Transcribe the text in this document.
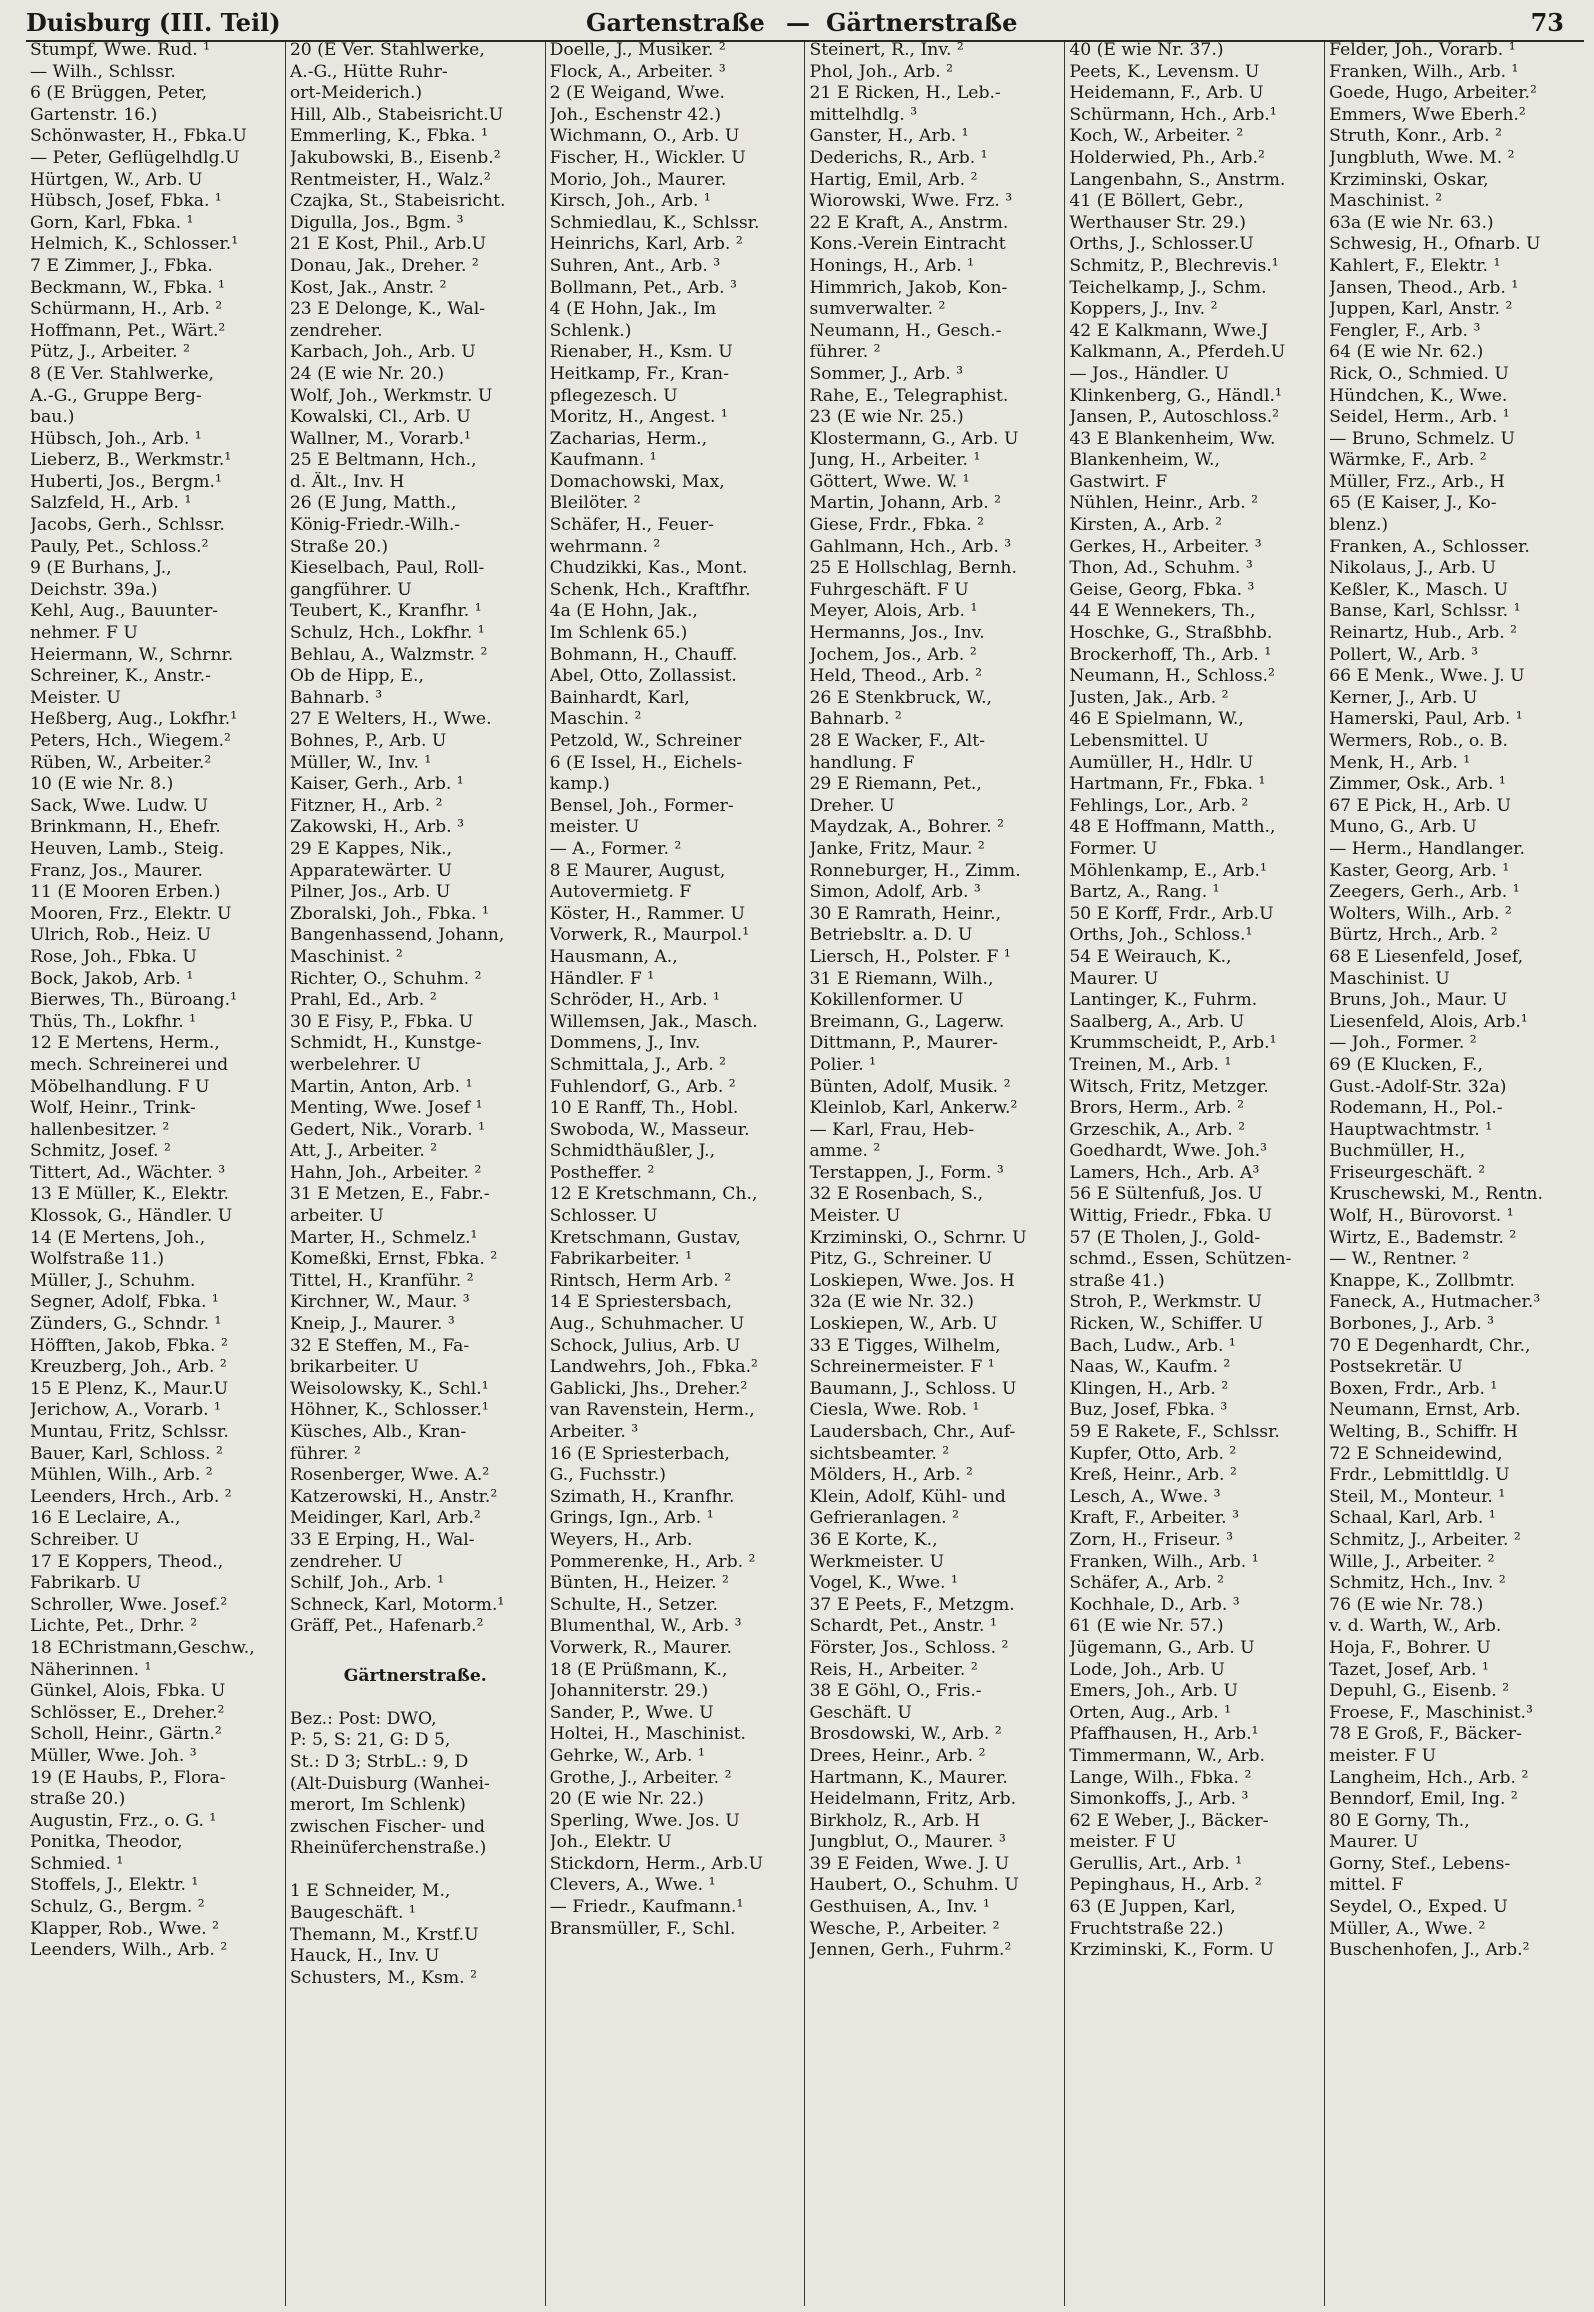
Duisburg (III. Teil)	Gartenstraße — Gärtnerstraße	73
Stumpf, Wwe. Rud. ¹
— Wilh., Schlssr.
6 (E Brüggen, Peter,
Gartenstr. 16.)
Schönwaster, H., Fbka.U
— Peter, Geflügelhdlg.U
Hürtgen, W., Arb. U
Hübsch, Josef, Fbka. ¹
Gorn, Karl, Fbka. ¹
Helmich, K., Schlosser.¹
7 E Zimmer, J., Fbka.
Beckmann, W., Fbka. ¹
Schürmann, H., Arb. ²
Hoffmann, Pet., Wärt.²
Pütz, J., Arbeiter. ²
8 (E Ver. Stahlwerke,
A.-G., Gruppe Berg-
bau.)
Hübsch, Joh., Arb. ¹
Lieberz, B., Werkmstr.¹
Huberti, Jos., Bergm.¹
Salzfeld, H., Arb. ¹
Jacobs, Gerh., Schlssr.
Pauly, Pet., Schloss.²
9 (E Burhans, J.,
Deichstr. 39a.)
Kehl, Aug., Bauunter-
nehmer. F U
Heiermann, W., Schrnr.
Schreiner, K., Anstr.-
Meister. U
Heßberg, Aug., Lokfhr.¹
Peters, Hch., Wiegem.²
Rüben, W., Arbeiter.²
10 (E wie Nr. 8.)
Sack, Wwe. Ludw. U
Brinkmann, H., Ehefr.
Heuven, Lamb., Steig.
Franz, Jos., Maurer.
11 (E Mooren Erben.)
Mooren, Frz., Elektr. U
Ulrich, Rob., Heiz. U
Rose, Joh., Fbka. U
Bock, Jakob, Arb. ¹
Bierwes, Th., Büroang.¹
Thüs, Th., Lokfhr. ¹
12 E Mertens, Herm.,
mech. Schreinerei und
Möbelhandlung. F U
Wolf, Heinr., Trink-
hallenbesitzer. ²
Schmitz, Josef. ²
Tittert, Ad., Wächter. ³
13 E Müller, K., Elektr.
Klossok, G., Händler. U
14 (E Mertens, Joh.,
Wolfstraße 11.)
Müller, J., Schuhm.
Segner, Adolf, Fbka. ¹
Zünders, G., Schndr. ¹
Höfften, Jakob, Fbka. ²
Kreuzberg, Joh., Arb. ²
15 E Plenz, K., Maur.U
Jerichow, A., Vorarb. ¹
Muntau, Fritz, Schlssr.
Bauer, Karl, Schloss. ²
Mühlen, Wilh., Arb. ²
Leenders, Hrch., Arb. ²
16 E Leclaire, A.,
Schreiber. U
17 E Koppers, Theod.,
Fabrikarb. U
Schroller, Wwe. Josef.²
Lichte, Pet., Drhr. ²
18 EChristmann,Geschw.,
Näherinnen. ¹
Günkel, Alois, Fbka. U
Schlösser, E., Dreher.²
Scholl, Heinr., Gärtn.²
Müller, Wwe. Joh. ³
19 (E Haubs, P., Flora-
straße 20.)
Augustin, Frz., o. G. ¹
Ponitka, Theodor,
Schmied. ¹
Stoffels, J., Elektr. ¹
Schulz, G., Bergm. ²
Klapper, Rob., Wwe. ²
Leenders, Wilh., Arb. ²
20 (E Ver. Stahlwerke,
A.-G., Hütte Ruhr-
ort-Meiderich.)
Hill, Alb., Stabeisricht.U
Emmerling, K., Fbka. ¹
Jakubowski, B., Eisenb.²
Rentmeister, H., Walz.²
Czajka, St., Stabeisricht.
Digulla, Jos., Bgm. ³
21 E Kost, Phil., Arb.U
Donau, Jak., Dreher. ²
Kost, Jak., Anstr. ²
23 E Delonge, K., Wal-
zendreher.
Karbach, Joh., Arb. U
24 (E wie Nr. 20.)
Wolf, Joh., Werkmstr. U
Kowalski, Cl., Arb. U
Wallner, M., Vorarb.¹
25 E Beltmann, Hch.,
d. Ält., Inv. H
26 (E Jung, Matth.,
König-Friedr.-Wilh.-
Straße 20.)
Kieselbach, Paul, Roll-
gangführer. U
Teubert, K., Kranfhr. ¹
Schulz, Hch., Lokfhr. ¹
Behlau, A., Walzmstr. ²
Ob de Hipp, E.,
Bahnarb. ³
27 E Welters, H., Wwe.
Bohnes, P., Arb. U
Müller, W., Inv. ¹
Kaiser, Gerh., Arb. ¹
Fitzner, H., Arb. ²
Zakowski, H., Arb. ³
29 E Kappes, Nik.,
Apparatewärter. U
Pilner, Jos., Arb. U
Zboralski, Joh., Fbka. ¹
Bangenhassend, Johann,
Maschinist. ²
Richter, O., Schuhm. ²
Prahl, Ed., Arb. ²
30 E Fisy, P., Fbka. U
Schmidt, H., Kunstge-
werbelehrer. U
Martin, Anton, Arb. ¹
Menting, Wwe. Josef ¹
Gedert, Nik., Vorarb. ¹
Att, J., Arbeiter. ²
Hahn, Joh., Arbeiter. ²
31 E Metzen, E., Fabr.-
arbeiter. U
Marter, H., Schmelz.¹
Komeßki, Ernst, Fbka. ²
Tittel, H., Kranführ. ²
Kirchner, W., Maur. ³
Kneip, J., Maurer. ³
32 E Steffen, M., Fa-
brikarbeiter. U
Weisolowsky, K., Schl.¹
Höhner, K., Schlosser.¹
Küsches, Alb., Kran-
führer. ²
Rosenberger, Wwe. A.²
Katzerowski, H., Anstr.²
Meidinger, Karl, Arb.²
33 E Erping, H., Wal-
zendreher. U
Schilf, Joh., Arb. ¹
Schneck, Karl, Motorm.¹
Gräff, Pet., Hafenarb.²

Gärtnerstraße.

Bez.: Post: DWO,
P: 5, S: 21, G: D 5,
St.: D 3; StrbL.: 9, D
(Alt-Duisburg (Wanhei-
merort, Im Schlenk)
zwischen Fischer- und
Rheinüferchenstraße.)

1 E Schneider, M.,
Baugeschäft. ¹
Themann, M., Krstf.U
Hauck, H., Inv. U
Schusters, M., Ksm. ²
Doelle, J., Musiker. ²
Flock, A., Arbeiter. ³
2 (E Weigand, Wwe.
Joh., Eschenstr 42.)
Wichmann, O., Arb. U
Fischer, H., Wickler. U
Morio, Joh., Maurer.
Kirsch, Joh., Arb. ¹
Schmiedlau, K., Schlssr.
Heinrichs, Karl, Arb. ²
Suhren, Ant., Arb. ³
Bollmann, Pet., Arb. ³
4 (E Hohn, Jak., Im
Schlenk.)
Rienaber, H., Ksm. U
Heitkamp, Fr., Kran-
pflegezesch. U
Moritz, H., Angest. ¹
Zacharias, Herm.,
Kaufmann. ¹
Domachowski, Max,
Bleilöter. ²
Schäfer, H., Feuer-
wehrmann. ²
Chudzikki, Kas., Mont.
Schenk, Hch., Kraftfhr.
4a (E Hohn, Jak.,
Im Schlenk 65.)
Bohmann, H., Chauff.
Abel, Otto, Zollassist.
Bainhardt, Karl,
Maschin. ²
Petzold, W., Schreiner
6 (E Issel, H., Eichels-
kamp.)
Bensel, Joh., Former-
meister. U
— A., Former. ²
8 E Maurer, August,
Autovermietg. F
Köster, H., Rammer. U
Vorwerk, R., Maurpol.¹
Hausmann, A.,
Händler. F ¹
Schröder, H., Arb. ¹
Willemsen, Jak., Masch.
Dommens, J., Inv.
Schmittala, J., Arb. ²
Fuhlendorf, G., Arb. ²
10 E Ranff, Th., Hobl.
Swoboda, W., Masseur.
Schmidthäußler, J.,
Postheffer. ²
12 E Kretschmann, Ch.,
Schlosser. U
Kretschmann, Gustav,
Fabrikarbeiter. ¹
Rintsch, Herm Arb. ²
14 E Spriestersbach,
Aug., Schuhmacher. U
Schock, Julius, Arb. U
Landwehrs, Joh., Fbka.²
Gablicki, Jhs., Dreher.²
van Ravenstein, Herm.,
Arbeiter. ³
16 (E Spriesterbach,
G., Fuchsstr.)
Szimath, H., Kranfhr.
Grings, Ign., Arb. ¹
Weyers, H., Arb.
Pommerenke, H., Arb. ²
Bünten, H., Heizer. ²
Schulte, H., Setzer.
Blumenthal, W., Arb. ³
Vorwerk, R., Maurer.
18 (E Prüßmann, K.,
Johanniterstr. 29.)
Sander, P., Wwe. U
Holtei, H., Maschinist.
Gehrke, W., Arb. ¹
Grothe, J., Arbeiter. ²
20 (E wie Nr. 22.)
Sperling, Wwe. Jos. U
Joh., Elektr. U
Stickdorn, Herm., Arb.U
Clevers, A., Wwe. ¹
— Friedr., Kaufmann.¹
Bransmüller, F., Schl.
Steinert, R., Inv. ²
Phol, Joh., Arb. ²
21 E Ricken, H., Leb.-
mittelhdlg. ³
Ganster, H., Arb. ¹
Dederichs, R., Arb. ¹
Hartig, Emil, Arb. ²
Wiorowski, Wwe. Frz. ³
22 E Kraft, A., Anstrm.
Kons.-Verein Eintracht
Honings, H., Arb. ¹
Himmrich, Jakob, Kon-
sumverwalter. ²
Neumann, H., Gesch.-
führer. ²
Sommer, J., Arb. ³
Rahe, E., Telegraphist.
23 (E wie Nr. 25.)
Klostermann, G., Arb. U
Jung, H., Arbeiter. ¹
Göttert, Wwe. W. ¹
Martin, Johann, Arb. ²
Giese, Frdr., Fbka. ²
Gahlmann, Hch., Arb. ³
25 E Hollschlag, Bernh.
Fuhrgeschäft. F U
Meyer, Alois, Arb. ¹
Hermanns, Jos., Inv.
Jochem, Jos., Arb. ²
Held, Theod., Arb. ²
26 E Stenkbruck, W.,
Bahnarb. ²
28 E Wacker, F., Alt-
handlung. F
29 E Riemann, Pet.,
Dreher. U
Maydzak, A., Bohrer. ²
Janke, Fritz, Maur. ²
Ronneburger, H., Zimm.
Simon, Adolf, Arb. ³
30 E Ramrath, Heinr.,
Betriebsltr. a. D. U
Liersch, H., Polster. F ¹
31 E Riemann, Wilh.,
Kokillenformer. U
Breimann, G., Lagerw.
Dittmann, P., Maurer-
Polier. ¹
Bünten, Adolf, Musik. ²
Kleinlob, Karl, Ankerw.²
— Karl, Frau, Heb-
amme. ²
Terstappen, J., Form. ³
32 E Rosenbach, S.,
Meister. U
Krziminski, O., Schrnr. U
Pitz, G., Schreiner. U
Loskiepen, Wwe. Jos. H
32a (E wie Nr. 32.)
Loskiepen, W., Arb. U
33 E Tigges, Wilhelm,
Schreinermeister. F ¹
Baumann, J., Schloss. U
Ciesla, Wwe. Rob. ¹
Laudersbach, Chr., Auf-
sichtsbeamter. ²
Mölders, H., Arb. ²
Klein, Adolf, Kühl- und
Gefrieranlagen. ²
36 E Korte, K.,
Werkmeister. U
Vogel, K., Wwe. ¹
37 E Peets, F., Metzgm.
Schardt, Pet., Anstr. ¹
Förster, Jos., Schloss. ²
Reis, H., Arbeiter. ²
38 E Göhl, O., Fris.-
Geschäft. U
Brosdowski, W., Arb. ²
Drees, Heinr., Arb. ²
Hartmann, K., Maurer.
Heidelmann, Fritz, Arb.
Birkholz, R., Arb. H
Jungblut, O., Maurer. ³
39 E Feiden, Wwe. J. U
Haubert, O., Schuhm. U
Gesthuisen, A., Inv. ¹
Wesche, P., Arbeiter. ²
Jennen, Gerh., Fuhrm.²
40 (E wie Nr. 37.)
Peets, K., Levensm. U
Heidemann, F., Arb. U
Schürmann, Hch., Arb.¹
Koch, W., Arbeiter. ²
Holderwied, Ph., Arb.²
Langenbahn, S., Anstrm.
41 (E Böllert, Gebr.,
Werthauser Str. 29.)
Orths, J., Schlosser.U
Schmitz, P., Blechrevis.¹
Teichelkamp, J., Schm.
Koppers, J., Inv. ²
42 E Kalkmann, Wwe.J
Kalkmann, A., Pferdeh.U
— Jos., Händler. U
Klinkenberg, G., Händl.¹
Jansen, P., Autoschloss.²
43 E Blankenheim, Ww.
Blankenheim, W.,
Gastwirt. F
Nühlen, Heinr., Arb. ²
Kirsten, A., Arb. ²
Gerkes, H., Arbeiter. ³
Thon, Ad., Schuhm. ³
Geise, Georg, Fbka. ³
44 E Wennekers, Th.,
Hoschke, G., Straßbhb.
Brockerhoff, Th., Arb. ¹
Neumann, H., Schloss.²
Justen, Jak., Arb. ²
46 E Spielmann, W.,
Lebensmittel. U
Aumüller, H., Hdlr. U
Hartmann, Fr., Fbka. ¹
Fehlings, Lor., Arb. ²
48 E Hoffmann, Matth.,
Former. U
Möhlenkamp, E., Arb.¹
Bartz, A., Rang. ¹
50 E Korff, Frdr., Arb.U
Orths, Joh., Schloss.¹
54 E Weirauch, K.,
Maurer. U
Lantinger, K., Fuhrm.
Saalberg, A., Arb. U
Krummscheidt, P., Arb.¹
Treinen, M., Arb. ¹
Witsch, Fritz, Metzger.
Brors, Herm., Arb. ²
Grzeschik, A., Arb. ²
Goedhardt, Wwe. Joh.³
Lamers, Hch., Arb. A³
56 E Sültenfuß, Jos. U
Wittig, Friedr., Fbka. U
57 (E Tholen, J., Gold-
schmd., Essen, Schützen-
straße 41.)
Stroh, P., Werkmstr. U
Ricken, W., Schiffer. U
Bach, Ludw., Arb. ¹
Naas, W., Kaufm. ²
Klingen, H., Arb. ²
Buz, Josef, Fbka. ³
59 E Rakete, F., Schlssr.
Kupfer, Otto, Arb. ²
Kreß, Heinr., Arb. ²
Lesch, A., Wwe. ³
Kraft, F., Arbeiter. ³
Zorn, H., Friseur. ³
Franken, Wilh., Arb. ¹
Schäfer, A., Arb. ²
Kochhale, D., Arb. ³
61 (E wie Nr. 57.)
Jügemann, G., Arb. U
Lode, Joh., Arb. U
Emers, Joh., Arb. U
Orten, Aug., Arb. ¹
Pfaffhausen, H., Arb.¹
Timmermann, W., Arb.
Lange, Wilh., Fbka. ²
Simonkoffs, J., Arb. ³
62 E Weber, J., Bäcker-
meister. F U
Gerullis, Art., Arb. ¹
Pepinghaus, H., Arb. ²
63 (E Juppen, Karl,
Fruchtstraße 22.)
Krziminski, K., Form. U
Felder, Joh., Vorarb. ¹
Franken, Wilh., Arb. ¹
Goede, Hugo, Arbeiter.²
Emmers, Wwe Eberh.²
Struth, Konr., Arb. ²
Jungbluth, Wwe. M. ²
Krziminski, Oskar,
Maschinist. ²
63a (E wie Nr. 63.)
Schwesig, H., Ofnarb. U
Kahlert, F., Elektr. ¹
Jansen, Theod., Arb. ¹
Juppen, Karl, Anstr. ²
Fengler, F., Arb. ³
64 (E wie Nr. 62.)
Rick, O., Schmied. U
Hündchen, K., Wwe.
Seidel, Herm., Arb. ¹
— Bruno, Schmelz. U
Wärmke, F., Arb. ²
Müller, Frz., Arb., H
65 (E Kaiser, J., Ko-
blenz.)
Franken, A., Schlosser.
Nikolaus, J., Arb. U
Keßler, K., Masch. U
Banse, Karl, Schlssr. ¹
Reinartz, Hub., Arb. ²
Pollert, W., Arb. ³
66 E Menk., Wwe. J. U
Kerner, J., Arb. U
Hamerski, Paul, Arb. ¹
Wermers, Rob., o. B.
Menk, H., Arb. ¹
Zimmer, Osk., Arb. ¹
67 E Pick, H., Arb. U
Muno, G., Arb. U
— Herm., Handlanger.
Kaster, Georg, Arb. ¹
Zeegers, Gerh., Arb. ¹
Wolters, Wilh., Arb. ²
Bürtz, Hrch., Arb. ²
68 E Liesenfeld, Josef,
Maschinist. U
Bruns, Joh., Maur. U
Liesenfeld, Alois, Arb.¹
— Joh., Former. ²
69 (E Klucken, F.,
Gust.-Adolf-Str. 32a)
Rodemann, H., Pol.-
Hauptwachtmstr. ¹
Buchmüller, H.,
Friseurgeschäft. ²
Kruschewski, M., Rentn.
Wolf, H., Bürovorst. ¹
Wirtz, E., Bademstr. ²
— W., Rentner. ²
Knappe, K., Zollbmtr.
Faneck, A., Hutmacher.³
Borbones, J., Arb. ³
70 E Degenhardt, Chr.,
Postsekretär. U
Boxen, Frdr., Arb. ¹
Neumann, Ernst, Arb.
Welting, B., Schiffr. H
72 E Schneidewind,
Frdr., Lebmittldlg. U
Steil, M., Monteur. ¹
Schaal, Karl, Arb. ¹
Schmitz, J., Arbeiter. ²
Wille, J., Arbeiter. ²
Schmitz, Hch., Inv. ²
76 (E wie Nr. 78.)
v. d. Warth, W., Arb.
Hoja, F., Bohrer. U
Tazet, Josef, Arb. ¹
Depuhl, G., Eisenb. ²
Froese, F., Maschinist.³
78 E Groß, F., Bäcker-
meister. F U
Langheim, Hch., Arb. ²
Benndorf, Emil, Ing. ²
80 E Gorny, Th.,
Maurer. U
Gorny, Stef., Lebens-
mittel. F
Seydel, O., Exped. U
Müller, A., Wwe. ²
Buschenhofen, J., Arb.²
